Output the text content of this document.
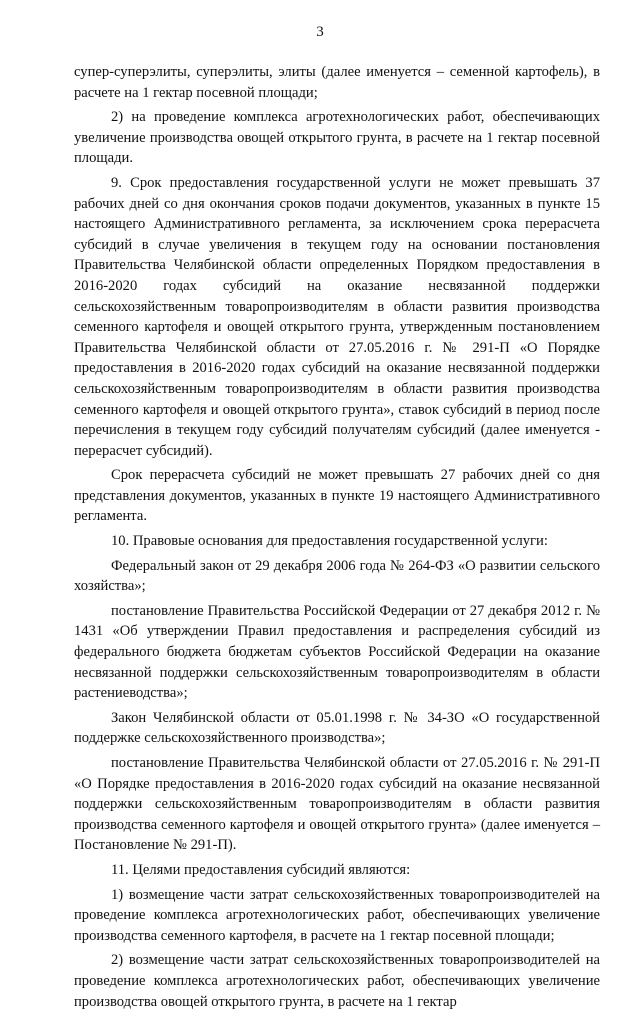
3

супер-суперэлиты, суперэлиты, элиты (далее именуется – семенной картофель), в расчете на 1 гектар посевной площади;

2) на проведение комплекса агротехнологических работ, обеспечивающих увеличение производства овощей открытого грунта, в расчете на 1 гектар посевной площади.

9. Срок предоставления государственной услуги не может превышать 37 рабочих дней со дня окончания сроков подачи документов, указанных в пункте 15 настоящего Административного регламента, за исключением срока перерасчета субсидий в случае увеличения в текущем году на основании постановления Правительства Челябинской области определенных Порядком предоставления в 2016-2020 годах субсидий на оказание несвязанной поддержки сельскохозяйственным товаропроизводителям в области развития производства семенного картофеля и овощей открытого грунта, утвержденным постановлением Правительства Челябинской области от 27.05.2016 г. № 291-П «О Порядке предоставления в 2016-2020 годах субсидий на оказание несвязанной поддержки сельскохозяйственным товаропроизводителям в области развития производства семенного картофеля и овощей открытого грунта», ставок субсидий в период после перечисления в текущем году субсидий получателям субсидий (далее именуется - перерасчет субсидий).

Срок перерасчета субсидий не может превышать 27 рабочих дней со дня представления документов, указанных в пункте 19 настоящего Административного регламента.

10. Правовые основания для предоставления государственной услуги:

Федеральный закон от 29 декабря 2006 года № 264-ФЗ «О развитии сельского хозяйства»;

постановление Правительства Российской Федерации от 27 декабря 2012 г. № 1431 «Об утверждении Правил предоставления и распределения субсидий из федерального бюджета бюджетам субъектов Российской Федерации на оказание несвязанной поддержки сельскохозяйственным товаропроизводителям в области растениеводства»;

Закон Челябинской области от 05.01.1998 г. № 34-ЗО «О государственной поддержке сельскохозяйственного производства»;

постановление Правительства Челябинской области от 27.05.2016 г. № 291-П «О Порядке предоставления в 2016-2020 годах субсидий на оказание несвязанной поддержки сельскохозяйственным товаропроизводителям в области развития производства семенного картофеля и овощей открытого грунта» (далее именуется – Постановление № 291-П).

11. Целями предоставления субсидий являются:

1) возмещение части затрат сельскохозяйственных товаропроизводителей на проведение комплекса агротехнологических работ, обеспечивающих увеличение производства семенного картофеля, в расчете на 1 гектар посевной площади;

2) возмещение части затрат сельскохозяйственных товаропроизводителей на проведение комплекса агротехнологических работ, обеспечивающих увеличение производства овощей открытого грунта, в расчете на 1 гектар
